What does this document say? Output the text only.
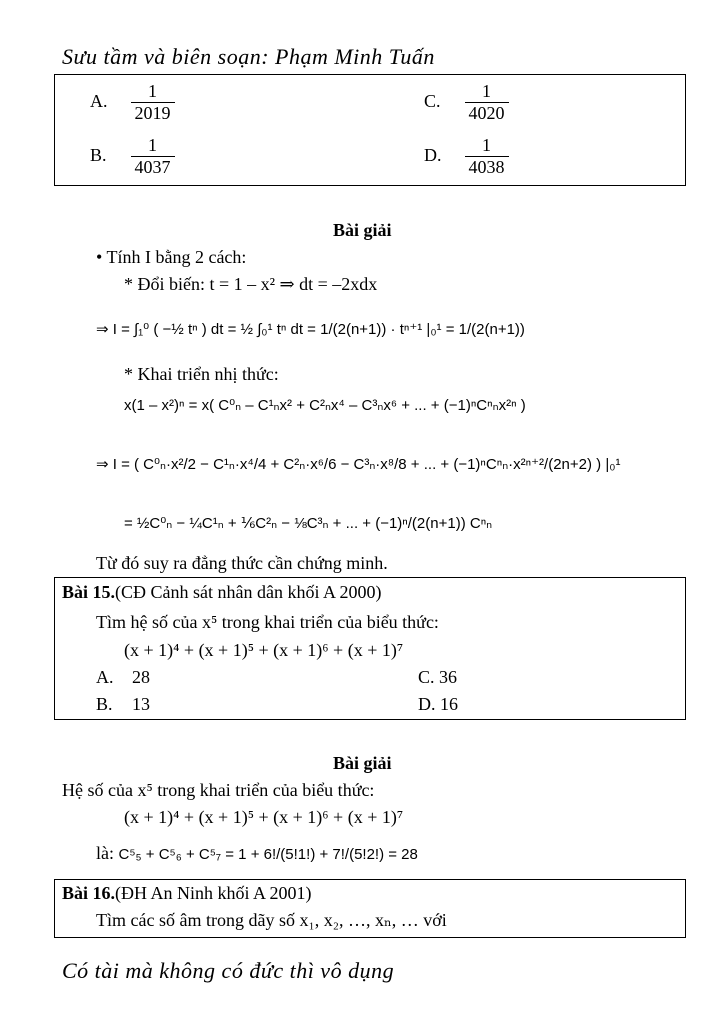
Sưu tầm và biên soạn: Phạm Minh Tuấn
A. $\frac{1}{2019}$	C. $\frac{1}{4020}$
B. $\frac{1}{4037}$	D. $\frac{1}{4038}$
Bài giải
• Tính I bằng 2 cách:
* Đổi biến: t = 1 – x² ⇒ dt = –2xdx
⇒ I = ∫₁⁰ ( −½ tⁿ ) dt = ½ ∫₀¹ tⁿ dt = 1/(2(n+1)) · tⁿ⁺¹ |₀¹ = 1/(2(n+1))
* Khai triển nhị thức:
x(1 – x²)ⁿ = x( C⁰ₙ – C¹ₙx² + C²ₙx⁴ – C³ₙx⁶ + ... + (−1)ⁿCⁿₙx²ⁿ )
⇒ I = ( C⁰ₙ·x²/2 − C¹ₙ·x⁴/4 + C²ₙ·x⁶/6 − C³ₙ·x⁸/8 + ... + (−1)ⁿCⁿₙ·x²ⁿ⁺²/(2n+2) ) |₀¹
= ½C⁰ₙ − ¼C¹ₙ + ⅙C²ₙ − ⅛C³ₙ + ... + (−1)ⁿ/(2(n+1)) Cⁿₙ
Từ đó suy ra đẳng thức cần chứng minh.
Bài 15.(CĐ Cảnh sát nhân dân khối A 2000)
Tìm hệ số của x⁵ trong khai triển của biểu thức:
(x + 1)⁴ + (x + 1)⁵ + (x + 1)⁶ + (x + 1)⁷
A. 28	C. 36
B. 13	D. 16
Bài giải
Hệ số của x⁵ trong khai triển của biểu thức:
(x + 1)⁴ + (x + 1)⁵ + (x + 1)⁶ + (x + 1)⁷
là: C⁵₅ + C⁵₆ + C⁵₇ = 1 + 6!/(5!1!) + 7!/(5!2!) = 28
Bài 16.(ĐH An Ninh khối A 2001)
Tìm các số âm trong dãy số x₁, x₂, …, xₙ, … với
Có tài mà không có đức thì vô dụng
